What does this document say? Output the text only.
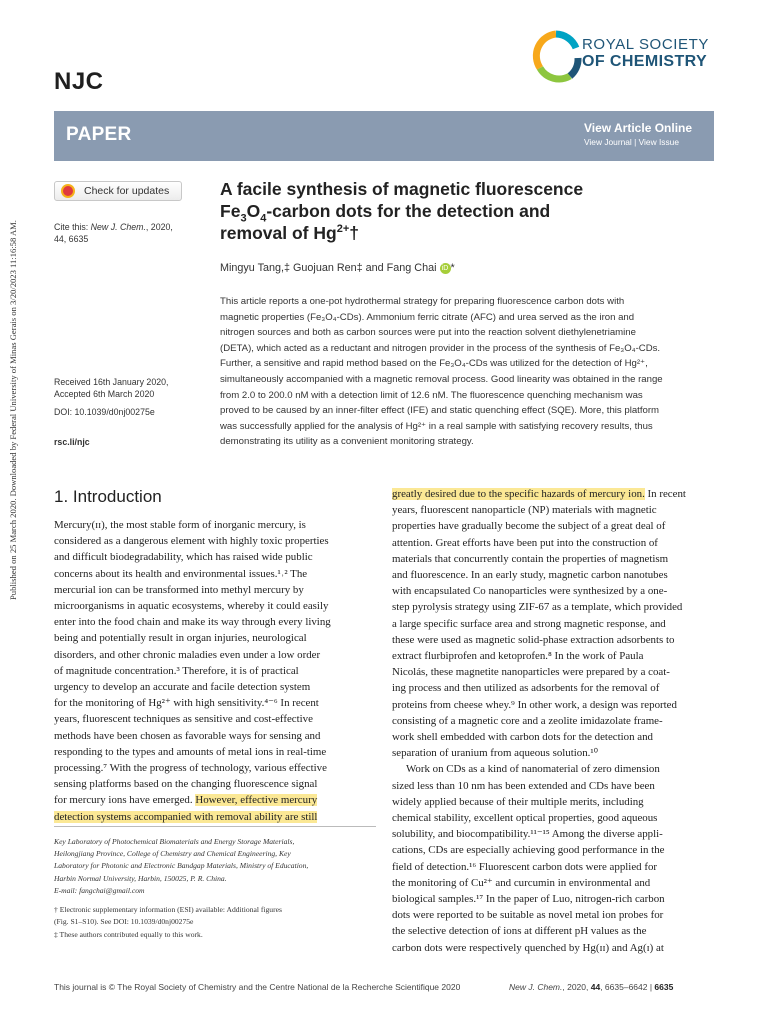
Published on 25 March 2020. Downloaded by Federal University of Minas Gerais on 3/20/2023 11:16:58 AM.
NJC
ROYAL SOCIETY
OF CHEMISTRY
PAPER	View Article Online
View Journal | View Issue
Check for updates
Cite this: New J. Chem., 2020,
44, 6635
Received 16th January 2020,
Accepted 6th March 2020
DOI: 10.1039/d0nj00275e
rsc.li/njc
A facile synthesis of magnetic fluorescence
$Fe_3O_4$-carbon dots for the detection and
removal of $Hg^{2+}\dagger$
Mingyu Tang,‡ Guojuan Ren‡ and Fang Chai iD *
This article reports a one-pot hydrothermal strategy for preparing fluorescence carbon dots with
magnetic properties (Fe₃O₄-CDs). Ammonium ferric citrate (AFC) and urea served as the iron and
nitrogen sources and both as carbon sources were put into the reaction solvent diethylenetriamine
(DETA), which acted as a reductant and nitrogen provider in the process of the synthesis of Fe₃O₄-CDs.
Further, a sensitive and rapid method based on the Fe₃O₄-CDs was utilized for the detection of Hg²⁺,
simultaneously accompanied with a magnetic removal process. Good linearity was obtained in the range
from 2.0 to 200.0 nM with a detection limit of 12.6 nM. The fluorescence quenching mechanism was
proved to be caused by an inner-filter effect (IFE) and static quenching effect (SQE). More, this platform
was successfully applied for the analysis of Hg²⁺ in a real sample with satisfying recovery results, thus
demonstrating its utility as a convenient monitoring strategy.
1. Introduction
Mercury(ɪɪ), the most stable form of inorganic mercury, is
considered as a dangerous element with highly toxic properties
and difficult biodegradability, which has raised wide public
concerns about its health and environmental issues.¹˒² The
mercurial ion can be transformed into methyl mercury by
microorganisms in aquatic ecosystems, whereby it could easily
enter into the food chain and make its way through every living
being and potentially result in organ injuries, neurological
disorders, and other chronic maladies even under a low order
of magnitude concentration.³ Therefore, it is of practical
urgency to develop an accurate and facile detection system
for the monitoring of Hg²⁺ with high sensitivity.⁴⁻⁶ In recent
years, fluorescent techniques as sensitive and cost-effective
methods have been chosen as favorable ways for sensing and
responding to the types and amounts of metal ions in real-time
processing.⁷ With the progress of technology, various effective
sensing platforms based on the changing fluorescence signal
for mercury ions have emerged. However, effective mercury
detection systems accompanied with removal ability are still
greatly desired due to the specific hazards of mercury ion. In recent
years, fluorescent nanoparticle (NP) materials with magnetic
properties have gradually become the subject of a great deal of
attention. Great efforts have been put into the construction of
materials that concurrently contain the properties of magnetism
and fluorescence. In an early study, magnetic carbon nanotubes
with encapsulated Co nanoparticles were synthesized by a one-
step pyrolysis strategy using ZIF-67 as a template, which provided
a large specific surface area and strong magnetic response, and
these were used as magnetic solid-phase extraction adsorbents to
extract flurbiprofen and ketoprofen.⁸ In the work of Paula
Nicolás, these magnetite nanoparticles were prepared by a coat-
ing process and then utilized as adsorbents for the removal of
proteins from cheese whey.⁹ In other work, a design was reported
consisting of a magnetic core and a zeolite imidazolate frame-
work shell embedded with carbon dots for the detection and
separation of uranium from aqueous solution.¹⁰
Work on CDs as a kind of nanomaterial of zero dimension
sized less than 10 nm has been extended and CDs have been
widely applied because of their multiple merits, including
chemical stability, excellent optical properties, good aqueous
solubility, and biocompatibility.¹¹⁻¹⁵ Among the diverse appli-
cations, CDs are especially achieving good performance in the
field of detection.¹⁶ Fluorescent carbon dots were applied for
the monitoring of Cu²⁺ and curcumin in environmental and
biological samples.¹⁷ In the paper of Luo, nitrogen-rich carbon
dots were reported to be suitable as novel metal ion probes for
the selective detection of ions at different pH values as the
carbon dots were respectively quenched by Hg(ɪɪ) and Ag(ɪ) at
Key Laboratory of Photochemical Biomaterials and Energy Storage Materials,
Heilongjiang Province, College of Chemistry and Chemical Engineering, Key
Laboratory for Photonic and Electronic Bandgap Materials, Ministry of Education,
Harbin Normal University, Harbin, 150025, P. R. China.
E-mail: fangchai@gmail.com
† Electronic supplementary information (ESI) available: Additional figures
(Fig. S1–S10). See DOI: 10.1039/d0nj00275e
‡ These authors contributed equally to this work.
This journal is © The Royal Society of Chemistry and the Centre National de la Recherche Scientifique 2020	New J. Chem., 2020, 44, 6635–6642 | 6635
